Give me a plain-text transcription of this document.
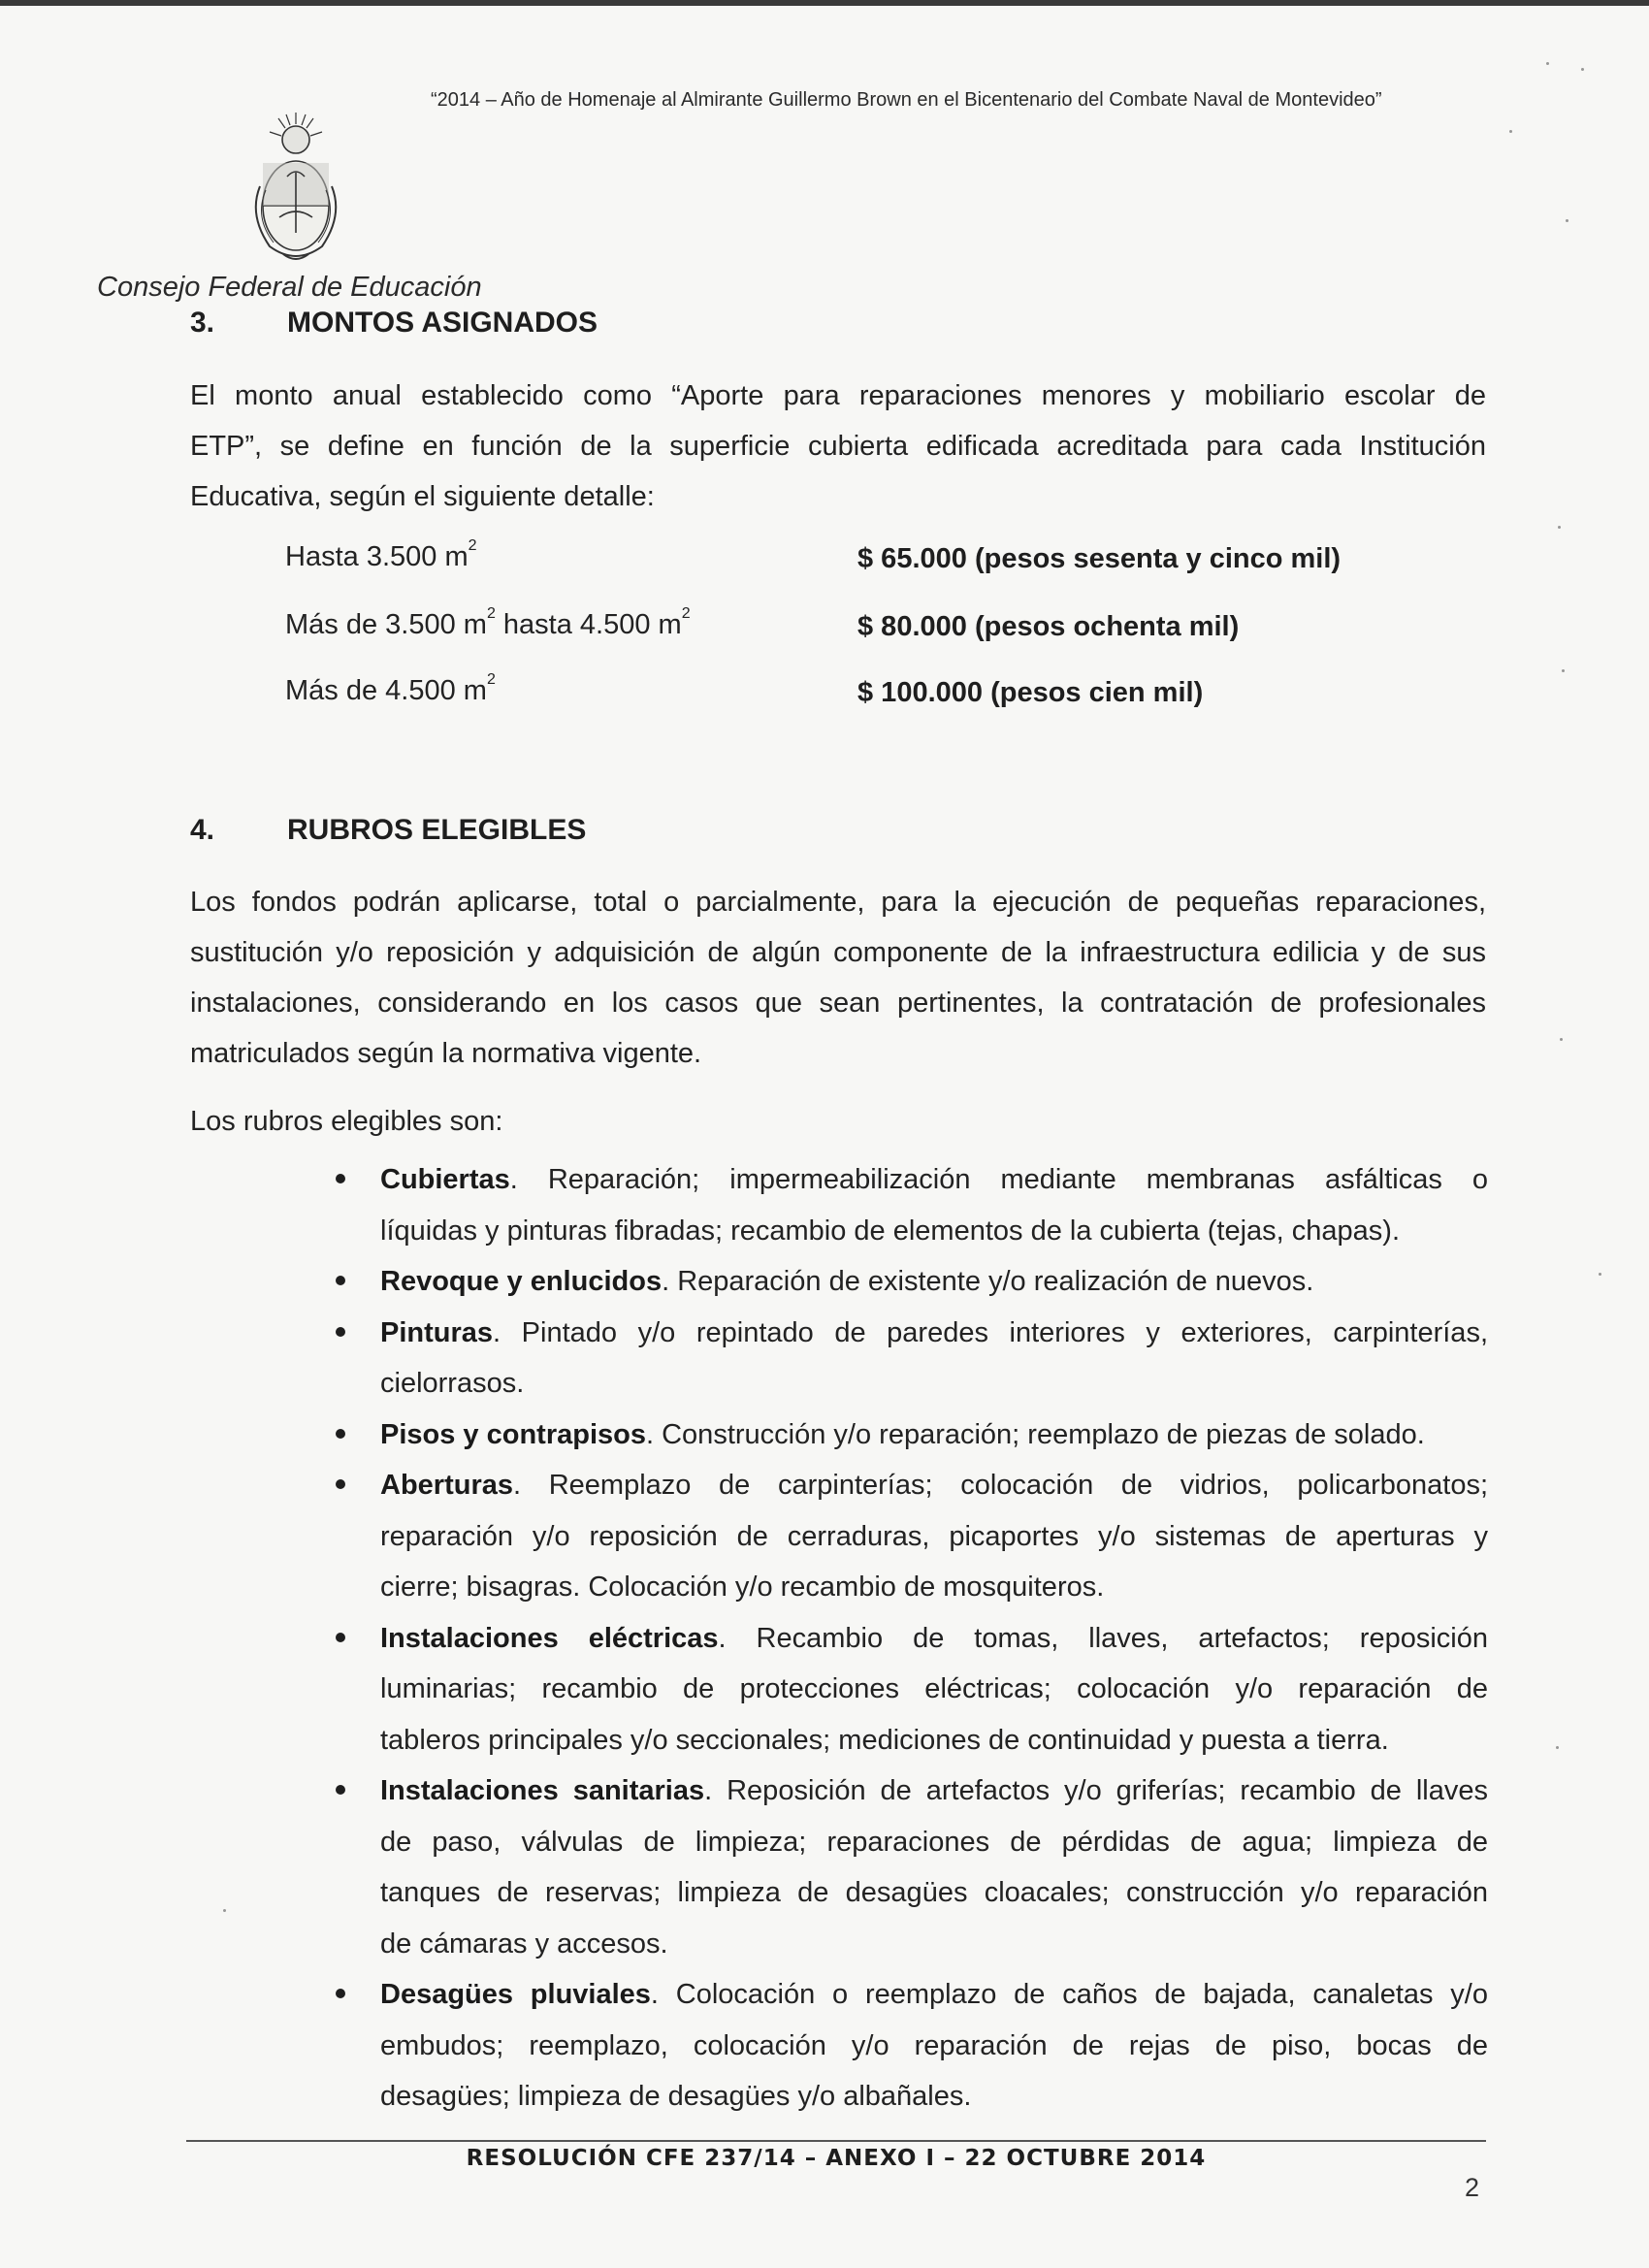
“2014 – Año de Homenaje al Almirante Guillermo Brown en el Bicentenario del Combate Naval de Montevideo”
Consejo Federal de Educación
3. MONTOS ASIGNADOS
El monto anual establecido como “Aporte para reparaciones menores y mobiliario escolar de
ETP”, se define en función de la superficie cubierta edificada acreditada para cada Institución
Educativa, según el siguiente detalle:
Hasta 3.500 $m^2$	$ 65.000 (pesos sesenta y cinco mil)
Más de 3.500 $m^2$ hasta 4.500 $m^2$	$ 80.000 (pesos ochenta mil)
Más de 4.500 $m^2$	$ 100.000 (pesos cien mil)
4. RUBROS ELEGIBLES
Los fondos podrán aplicarse, total o parcialmente, para la ejecución de pequeñas reparaciones,
sustitución y/o reposición y adquisición de algún componente de la infraestructura edilicia y de sus
instalaciones, considerando en los casos que sean pertinentes, la contratación de profesionales
matriculados según la normativa vigente.
Los rubros elegibles son:
Cubiertas. Reparación; impermeabilización mediante membranas asfálticas o
líquidas y pinturas fibradas; recambio de elementos de la cubierta (tejas, chapas).
Revoque y enlucidos. Reparación de existente y/o realización de nuevos.
Pinturas. Pintado y/o repintado de paredes interiores y exteriores, carpinterías,
cielorrasos.
Pisos y contrapisos. Construcción y/o reparación; reemplazo de piezas de solado.
Aberturas. Reemplazo de carpinterías; colocación de vidrios, policarbonatos;
reparación y/o reposición de cerraduras, picaportes y/o sistemas de aperturas y
cierre; bisagras. Colocación y/o recambio de mosquiteros.
Instalaciones eléctricas. Recambio de tomas, llaves, artefactos; reposición
luminarias; recambio de protecciones eléctricas; colocación y/o reparación de
tableros principales y/o seccionales; mediciones de continuidad y puesta a tierra.
Instalaciones sanitarias. Reposición de artefactos y/o griferías; recambio de llaves
de paso, válvulas de limpieza; reparaciones de pérdidas de agua; limpieza de
tanques de reservas; limpieza de desagües cloacales; construcción y/o reparación
de cámaras y accesos.
Desagües pluviales. Colocación o reemplazo de caños de bajada, canaletas y/o
embudos; reemplazo, colocación y/o reparación de rejas de piso, bocas de
desagües; limpieza de desagües y/o albañales.
RESOLUCIÓN CFE 237/14 – ANEXO I – 22 OCTUBRE 2014
2
